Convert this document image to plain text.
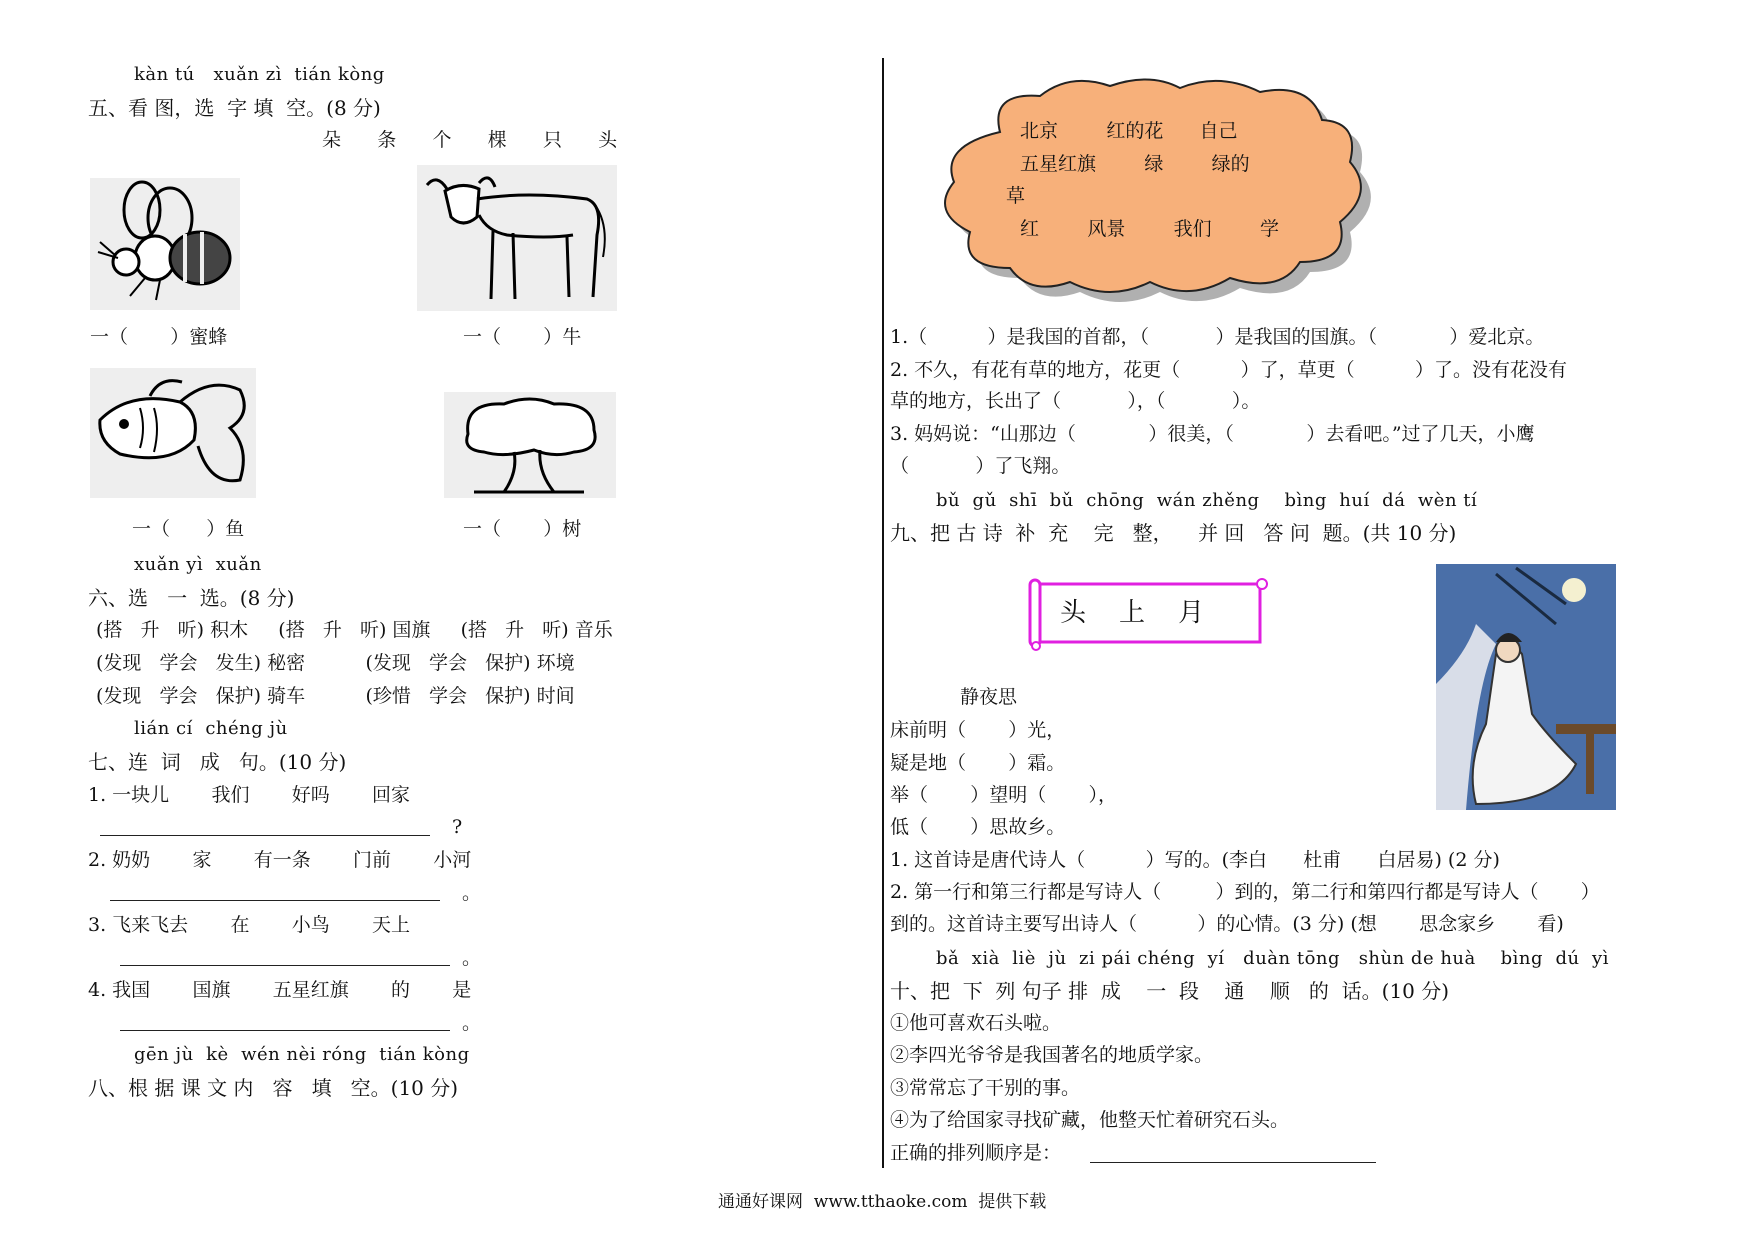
kàn tú   xuǎn zì  tián kòng
五、看 图，选  字 填  空。(8 分)
朵      条      个      棵      只      头
一（       ）蜜蜂	一（       ）牛
一（      ）鱼	一（       ）树
xuǎn yì  xuǎn
六、选   一  选。(8 分)
(搭   升   听) 积木     (搭   升   听) 国旗     (搭   升   听) 音乐
(发现   学会   发生) 秘密          (发现   学会   保护) 环境
(发现   学会   保护) 骑车          (珍惜   学会   保护) 时间
lián cí  chéng jù
七、连  词   成   句。(10 分)
1. 一块儿       我们       好吗       回家
?
2. 奶奶       家       有一条       门前       小河
。
3. 飞来飞去       在       小鸟       天上
。
4. 我国       国旗       五星红旗       的       是
。
gēn jù  kè  wén nèi róng  tián kòng
八、根 据 课 文 内   容   填   空。(10 分)
北京        红的花      自己
五星红旗        绿        绿的
草
红        风景        我们        学
1.（          ）是我国的首都，（           ）是我国的国旗。（            ）爱北京。
2. 不久，有花有草的地方，花更（          ）了，草更（          ）了。没有花没有
草的地方，长出了（           ），（           ）。
3. 妈妈说：“山那边（            ）很美，（            ）去看吧。”过了几天，小鹰
（           ）了飞翔。
bǔ  gǔ  shī  bǔ  chōng  wán zhěng    bìng  huí  dá  wèn tí
九、把 古 诗  补  充    完   整，    并 回   答 问  题。(共 10 分)
头    上    月
静夜思
床前明（       ）光，
疑是地（       ）霜。
举（       ）望明（       ），
低（       ）思故乡。
1. 这首诗是唐代诗人（          ）写的。(李白      杜甫      白居易) (2 分)
2. 第一行和第三行都是写诗人（         ）到的，第二行和第四行都是写诗人（       ）
到的。这首诗主要写出诗人（          ）的心情。(3 分) (想       思念家乡       看)
bǎ  xià  liè  jù  zi pái chéng  yí   duàn tōng   shùn de huà    bìng  dú  yì
十、把  下  列 句子 排  成    一  段    通    顺   的  话。(10 分)
①他可喜欢石头啦。
②李四光爷爷是我国著名的地质学家。
③常常忘了干别的事。
④为了给国家寻找矿藏，他整天忙着研究石头。
正确的排列顺序是：
通通好课网  www.tthaoke.com  提供下载
